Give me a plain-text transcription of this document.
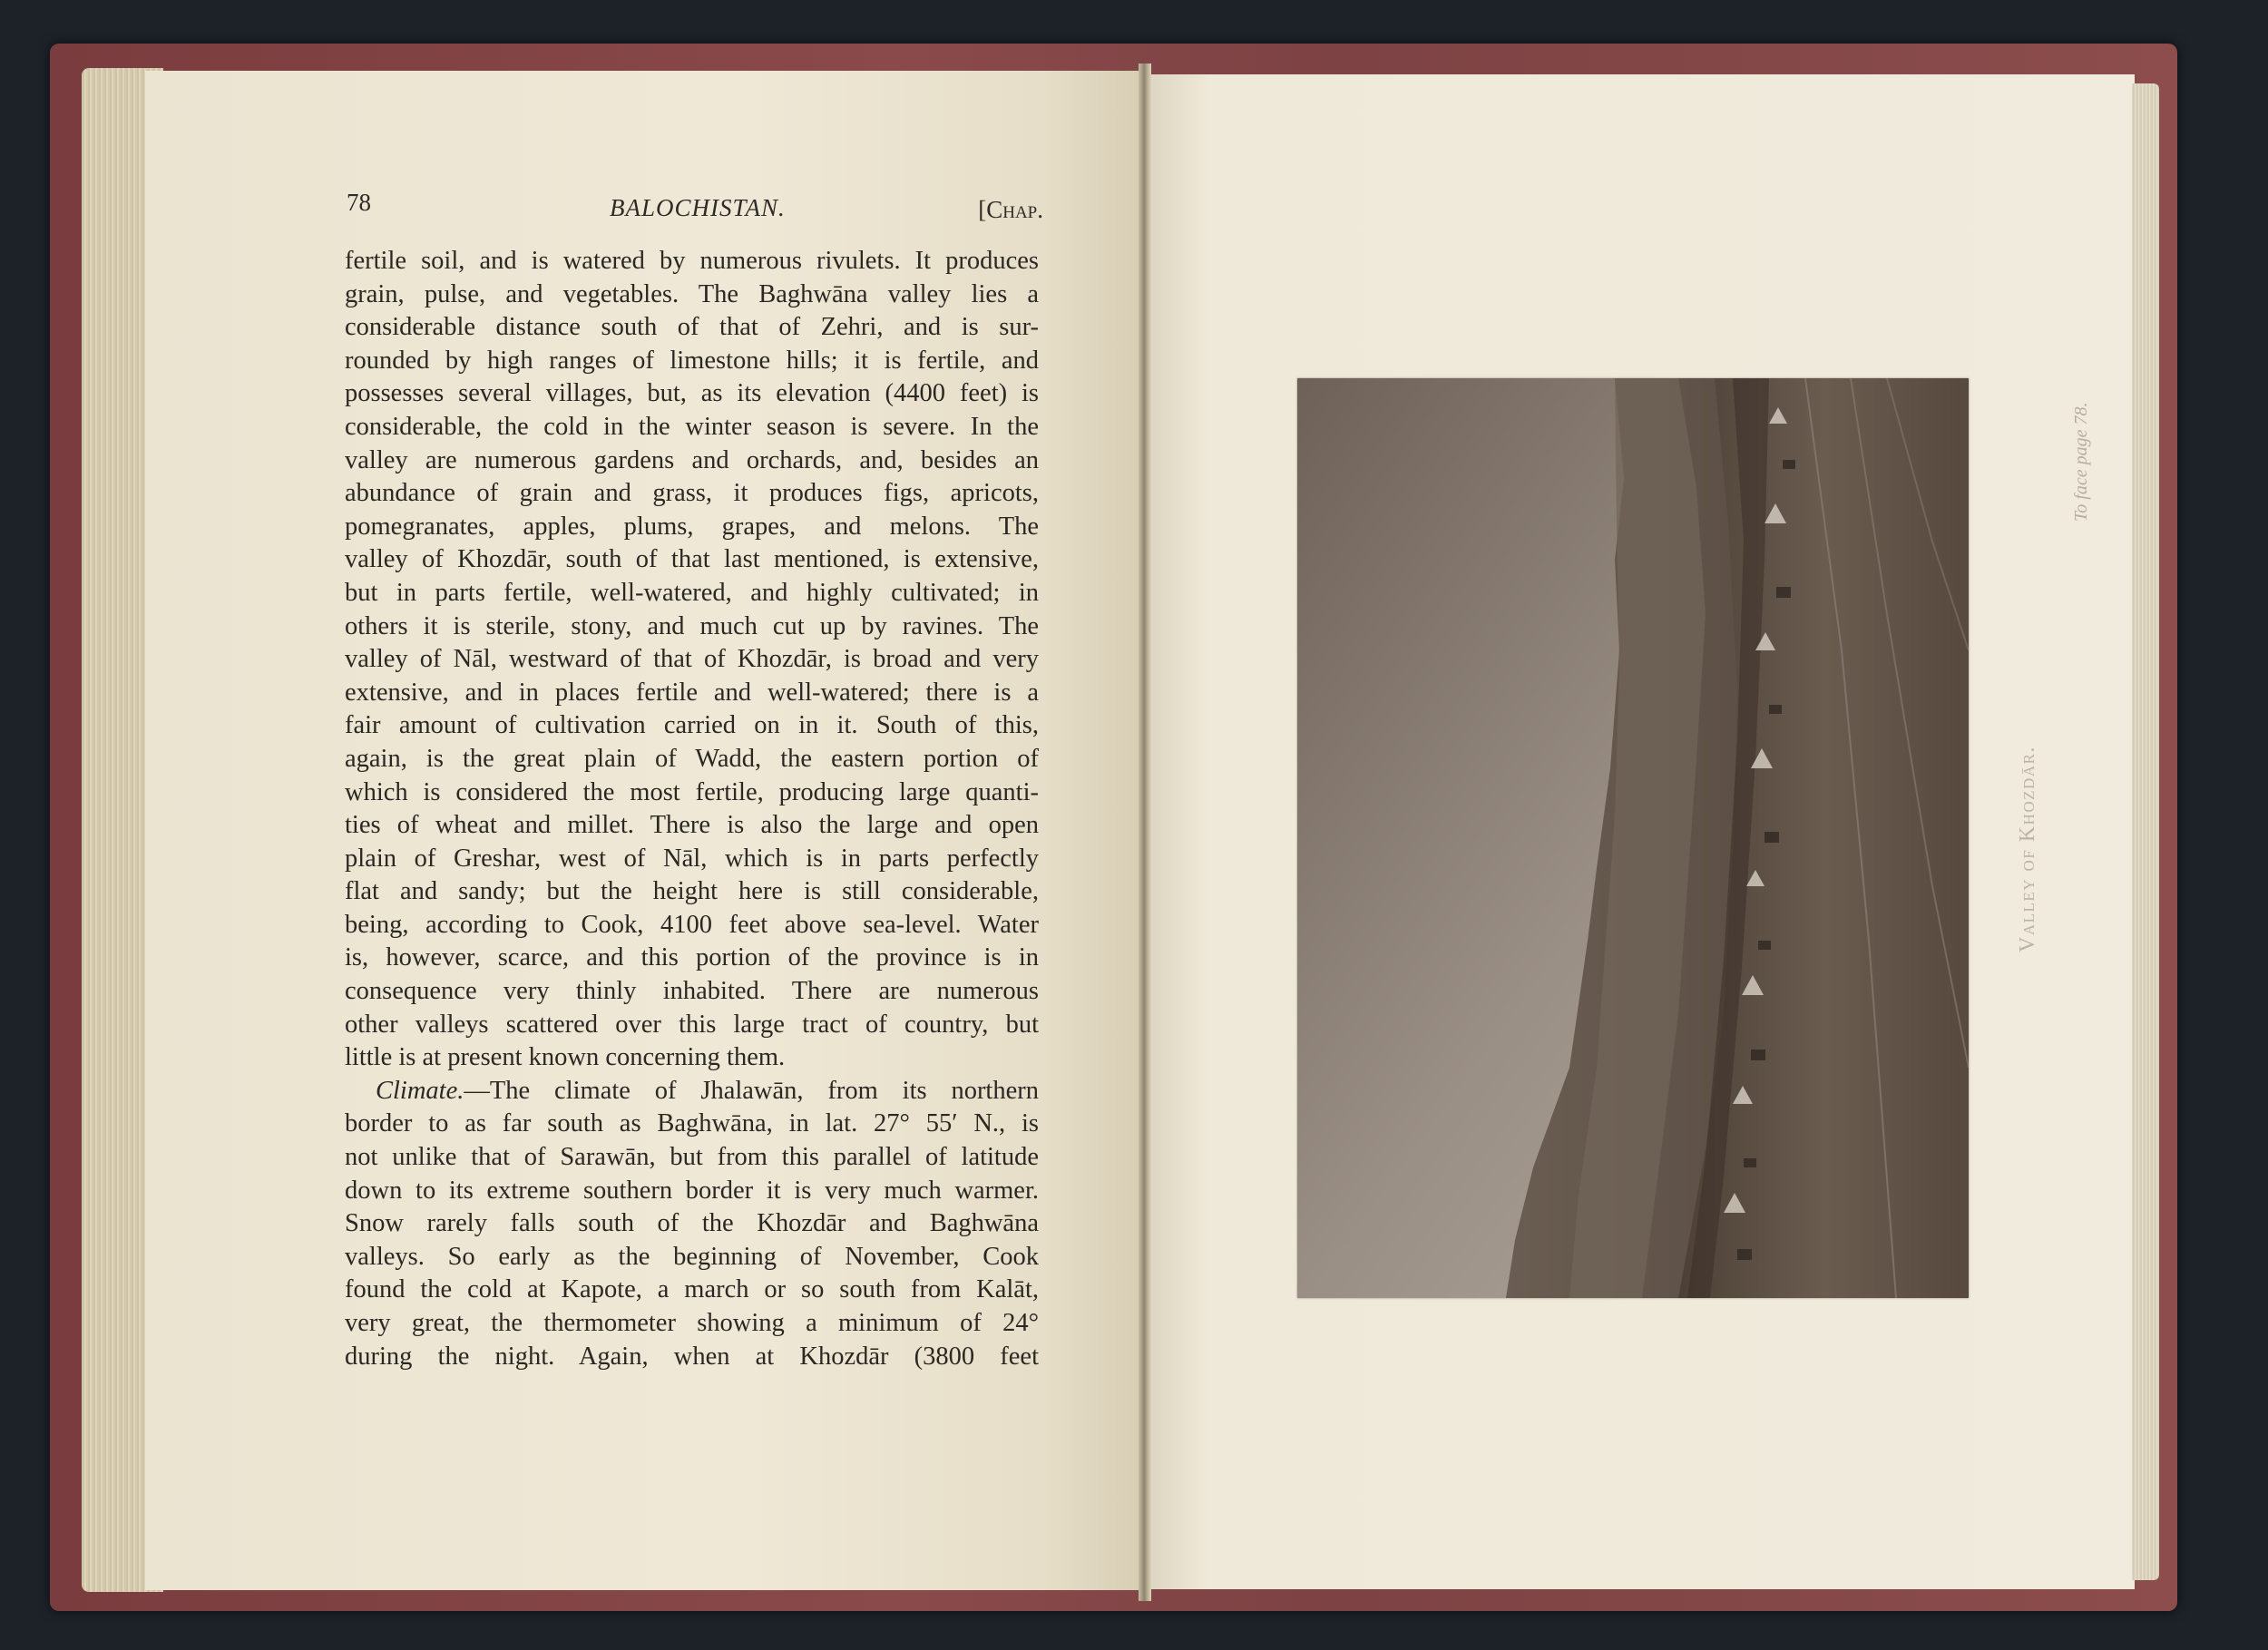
78	BALOCHISTAN.	[Chap.
fertile soil, and is watered by numerous rivulets. It produces
grain, pulse, and vegetables. The Baghwāna valley lies a
considerable distance south of that of Zehri, and is sur-
rounded by high ranges of limestone hills; it is fertile, and
possesses several villages, but, as its elevation (4400 feet) is
considerable, the cold in the winter season is severe. In the
valley are numerous gardens and orchards, and, besides an
abundance of grain and grass, it produces figs, apricots,
pomegranates, apples, plums, grapes, and melons. The
valley of Khozdār, south of that last mentioned, is extensive,
but in parts fertile, well-watered, and highly cultivated; in
others it is sterile, stony, and much cut up by ravines. The
valley of Nāl, westward of that of Khozdār, is broad and very
extensive, and in places fertile and well-watered; there is a
fair amount of cultivation carried on in it. South of this,
again, is the great plain of Wadd, the eastern portion of
which is considered the most fertile, producing large quanti-
ties of wheat and millet. There is also the large and open
plain of Greshar, west of Nāl, which is in parts perfectly
flat and sandy; but the height here is still considerable,
being, according to Cook, 4100 feet above sea-level. Water
is, however, scarce, and this portion of the province is in
consequence very thinly inhabited. There are numerous
other valleys scattered over this large tract of country, but
little is at present known concerning them.
Climate.—The climate of Jhalawān, from its northern
border to as far south as Baghwāna, in lat. 27° 55′ N., is
not unlike that of Sarawān, but from this parallel of latitude
down to its extreme southern border it is very much warmer.
Snow rarely falls south of the Khozdār and Baghwāna
valleys. So early as the beginning of November, Cook
found the cold at Kapote, a march or so south from Kalāt,
very great, the thermometer showing a minimum of 24°
during the night. Again, when at Khozdār (3800 feet
Valley of Khozdār.
To face page 78.
